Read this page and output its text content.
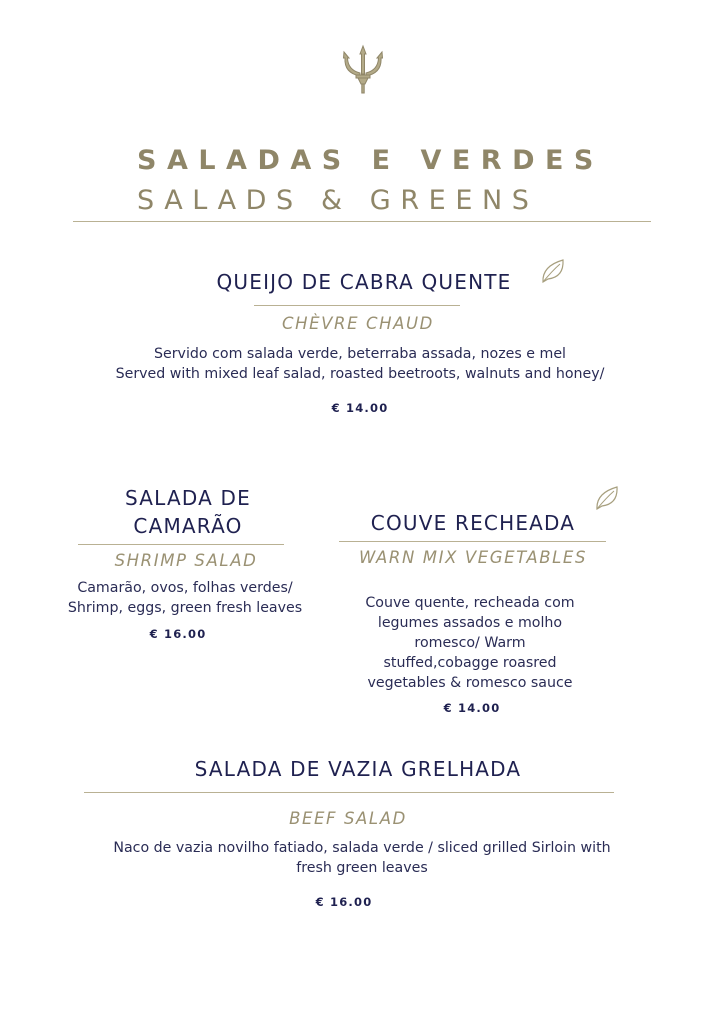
SALADAS E VERDES
SALADS & GREENS
QUEIJO DE CABRA QUENTE
CHÈVRE CHAUD
Servido com salada verde, beterraba assada, nozes e mel
Served with mixed leaf salad, roasted beetroots, walnuts and honey/
€ 14.00
SALADA DE
CAMARÃO
SHRIMP SALAD
Camarão, ovos, folhas verdes/
Shrimp, eggs, green fresh leaves
€ 16.00
COUVE RECHEADA
WARN MIX VEGETABLES
Couve quente, recheada com
legumes assados e molho
romesco/ Warm
stuffed,cobagge roasred
vegetables & romesco sauce
€ 14.00
SALADA DE VAZIA GRELHADA
BEEF SALAD
Naco de vazia novilho fatiado, salada verde / sliced grilled Sirloin with
fresh green leaves
€ 16.00
